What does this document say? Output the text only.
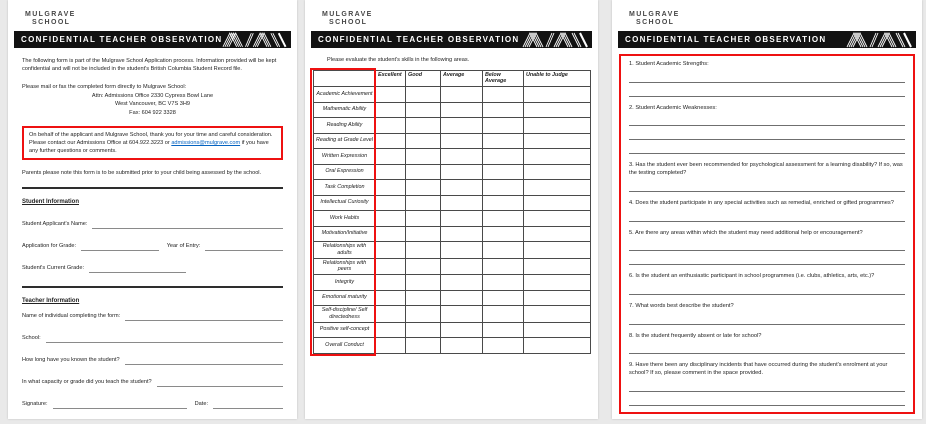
MULGRAVE
SCHOOL
CONFIDENTIAL TEACHER OBSERVATION
The following form is part of the Mulgrave School Application process. Information provided will be kept confidential and will not be included in the student's British Columbia Student Record file.
Please mail or fax the completed form directly to Mulgrave School:
Attn: Admissions Office 2330 Cypress Bowl Lane
West Vancouver, BC V7S 3H9
Fax: 604 922 3328
On behalf of the applicant and Mulgrave School, thank you for your time and careful consideration. Please contact our Admissions Office at 604.922.3223 or admissions@mulgrave.com if you have any further questions or comments.
Parents please note this form is to be submitted prior to your child being assessed by the school.
Student Information
Student Applicant's Name:
Application for Grade:	Year of Entry:
Student's Current Grade:
Teacher Information
Name of individual completing the form:
School:
How long have you known the student?
In what capacity or grade did you teach the student?
Signature:	Date:
MULGRAVE
SCHOOL
CONFIDENTIAL TEACHER OBSERVATION
Please evaluate the student's skills in the following areas.
	Excellent	Good	Average	Below Average	Unable to Judge
Academic Achievement					
Mathematic Ability					
Reading Ability					
Reading at Grade Level					
Written Expression					
Oral Expression					
Task Completion					
Intellectual Curiosity					
Work Habits					
Motivation/Initiative					
Relationships with adults					
Relationships with peers					
Integrity					
Emotional maturity					
Self-discipline/ Self directedness					
Positive self-concept					
Overall Conduct					
MULGRAVE
SCHOOL
CONFIDENTIAL TEACHER OBSERVATION
1. Student Academic Strengths:
2. Student Academic Weaknesses:
3. Has the student ever been recommended for psychological assessment for a learning disability? If so, was the testing completed?
4. Does the student participate in any special activities such as remedial, enriched or gifted programmes?
5. Are there any areas within which the student may need additional help or encouragement?
6. Is the student an enthusiastic participant in school programmes (i.e. clubs, athletics, arts, etc.)?
7. What words best describe the student?
8. Is the student frequently absent or late for school?
9. Have there been any disciplinary incidents that have occurred during the student's enrolment at your school? If so, please comment in the space provided.
